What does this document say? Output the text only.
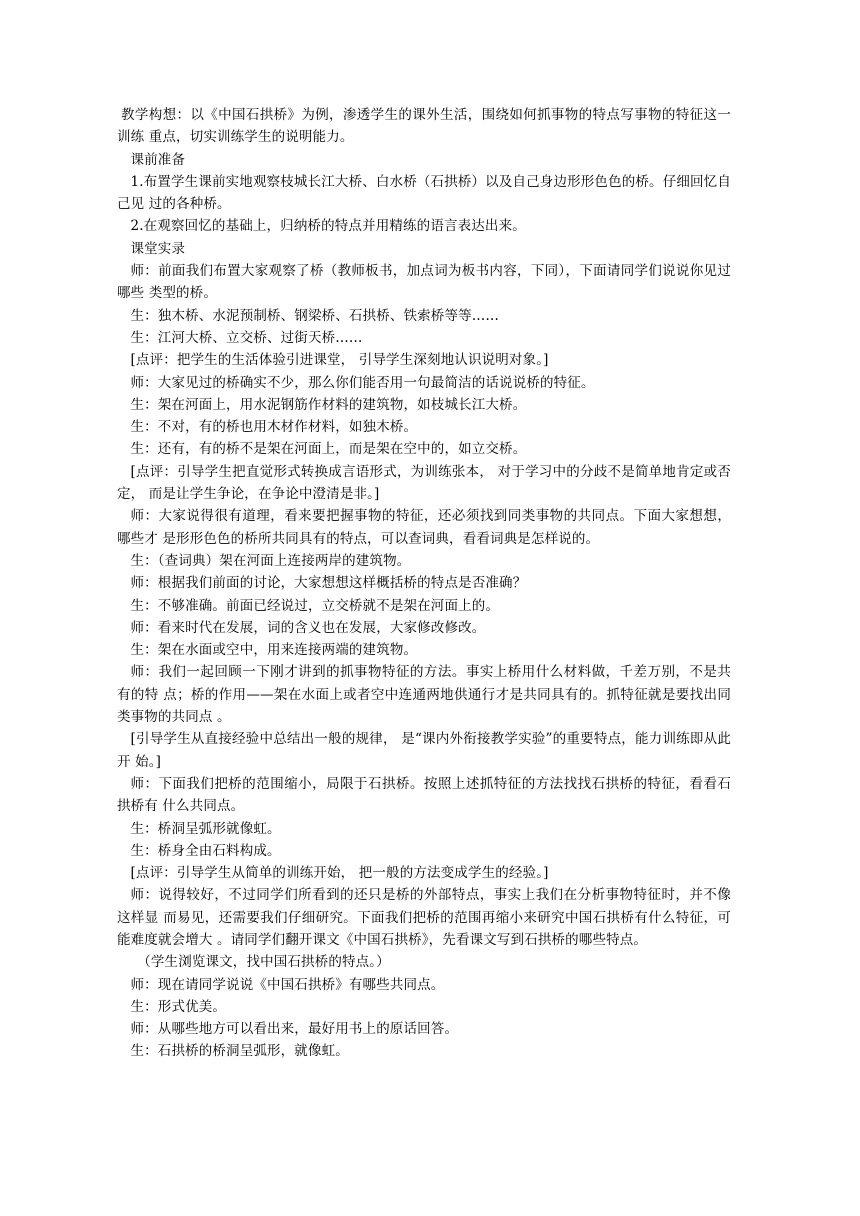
教学构想：以《中国石拱桥》为例，渗透学生的课外生活，围绕如何抓事物的特点写事物的特征这一训练 重点，切实训练学生的说明能力。

课前准备

1.布置学生课前实地观察枝城长江大桥、白水桥（石拱桥）以及自己身边形形色色的桥。仔细回忆自己见 过的各种桥。

2.在观察回忆的基础上，归纳桥的特点并用精练的语言表达出来。

课堂实录

师：前面我们布置大家观察了桥（教师板书，加点词为板书内容，下同），下面请同学们说说你见过哪些 类型的桥。

生：独木桥、水泥预制桥、钢梁桥、石拱桥、铁索桥等等……

生：江河大桥、立交桥、过街天桥……

[点评：把学生的生活体验引进课堂， 引导学生深刻地认识说明对象。]

师：大家见过的桥确实不少，那么你们能否用一句最简洁的话说说桥的特征。

生：架在河面上，用水泥钢筋作材料的建筑物，如枝城长江大桥。

生：不对，有的桥也用木材作材料，如独木桥。

生：还有，有的桥不是架在河面上，而是架在空中的，如立交桥。

[点评：引导学生把直觉形式转换成言语形式，为训练张本， 对于学习中的分歧不是简单地肯定或否定， 而是让学生争论，在争论中澄清是非。]

师：大家说得很有道理，看来要把握事物的特征，还必须找到同类事物的共同点。下面大家想想，哪些才 是形形色色的桥所共同具有的特点，可以查词典，看看词典是怎样说的。

生：（查词典）架在河面上连接两岸的建筑物。

师：根据我们前面的讨论，大家想想这样概括桥的特点是否准确？

生：不够准确。前面已经说过，立交桥就不是架在河面上的。

师：看来时代在发展，词的含义也在发展，大家修改修改。

生：架在水面或空中，用来连接两端的建筑物。

师：我们一起回顾一下刚才讲到的抓事物特征的方法。事实上桥用什么材料做，千差万别，不是共有的特 点；桥的作用——架在水面上或者空中连通两地供通行才是共同具有的。抓特征就是要找出同类事物的共同点 。

[引导学生从直接经验中总结出一般的规律， 是“课内外衔接教学实验”的重要特点，能力训练即从此开 始。]

师：下面我们把桥的范围缩小，局限于石拱桥。按照上述抓特征的方法找找石拱桥的特征，看看石拱桥有 什么共同点。

生：桥洞呈弧形就像虹。

生：桥身全由石料构成。

[点评：引导学生从简单的训练开始， 把一般的方法变成学生的经验。]

师：说得较好，不过同学们所看到的还只是桥的外部特点，事实上我们在分析事物特征时，并不像这样显 而易见，还需要我们仔细研究。下面我们把桥的范围再缩小来研究中国石拱桥有什么特征，可能难度就会增大 。请同学们翻开课文《中国石拱桥》，先看课文写到石拱桥的哪些特点。

（学生浏览课文，找中国石拱桥的特点。）

师：现在请同学说说《中国石拱桥》有哪些共同点。

生：形式优美。

师：从哪些地方可以看出来，最好用书上的原话回答。

生：石拱桥的桥洞呈弧形，就像虹。
